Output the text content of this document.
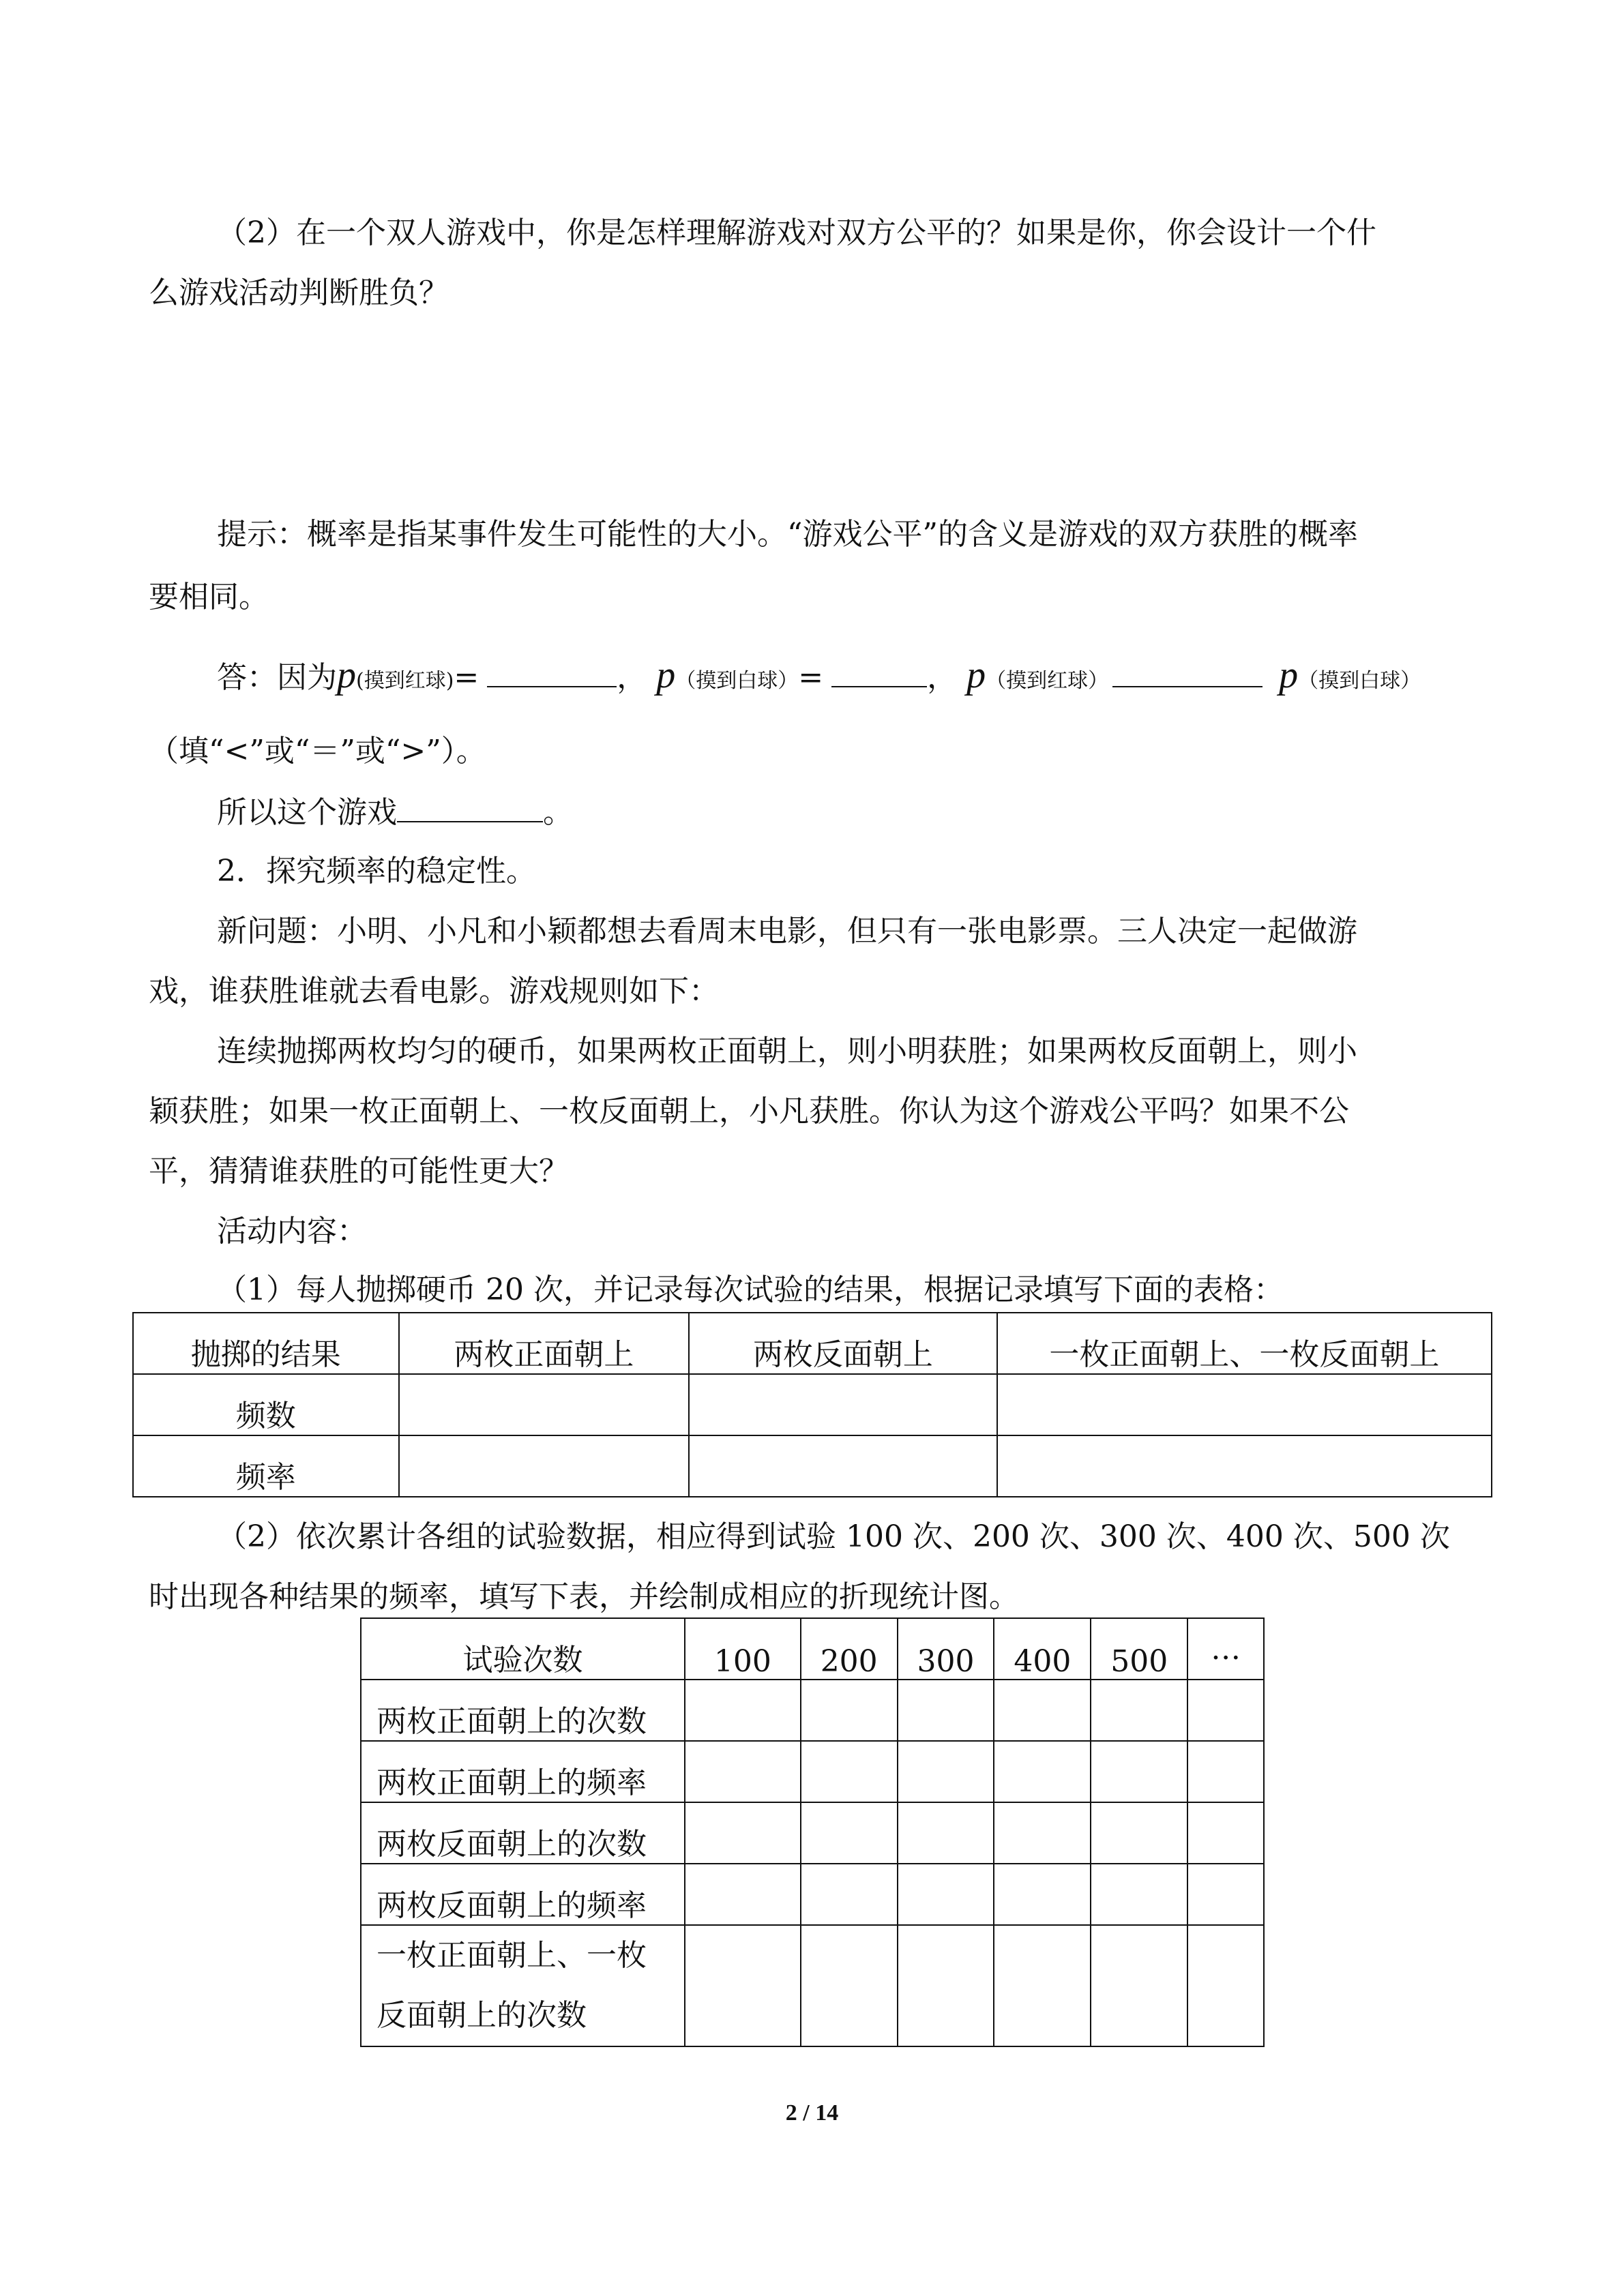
（2）在一个双人游戏中，你是怎样理解游戏对双方公平的？如果是你，你会设计一个什
么游戏活动判断胜负？
提示：概率是指某事件发生可能性的大小。“游戏公平”的含义是游戏的双方获胜的概率
要相同。
答：因为p(摸到红球)=	， p（摸到白球）=	， p（摸到红球）	p（摸到白球）
（填“<”或“＝”或“>”）。
所以这个游戏	。
2．探究频率的稳定性。
新问题：小明、小凡和小颖都想去看周末电影，但只有一张电影票。三人决定一起做游
戏，谁获胜谁就去看电影。游戏规则如下：
连续抛掷两枚均匀的硬币，如果两枚正面朝上，则小明获胜；如果两枚反面朝上，则小
颖获胜；如果一枚正面朝上、一枚反面朝上，小凡获胜。你认为这个游戏公平吗？如果不公
平，猜猜谁获胜的可能性更大？
活动内容：
（1）每人抛掷硬币 20 次，并记录每次试验的结果，根据记录填写下面的表格：
抛掷的结果	两枚正面朝上	两枚反面朝上	一枚正面朝上、一枚反面朝上
频数			
频率			
（2）依次累计各组的试验数据，相应得到试验 100 次、200 次、300 次、400 次、500 次
时出现各种结果的频率，填写下表，并绘制成相应的折现统计图。
试验次数	100	200	300	400	500	…
两枚正面朝上的次数						
两枚正面朝上的频率						
两枚反面朝上的次数						
两枚反面朝上的频率						

一枚正面朝上、一枚
反面朝上的次数						

2 / 14
